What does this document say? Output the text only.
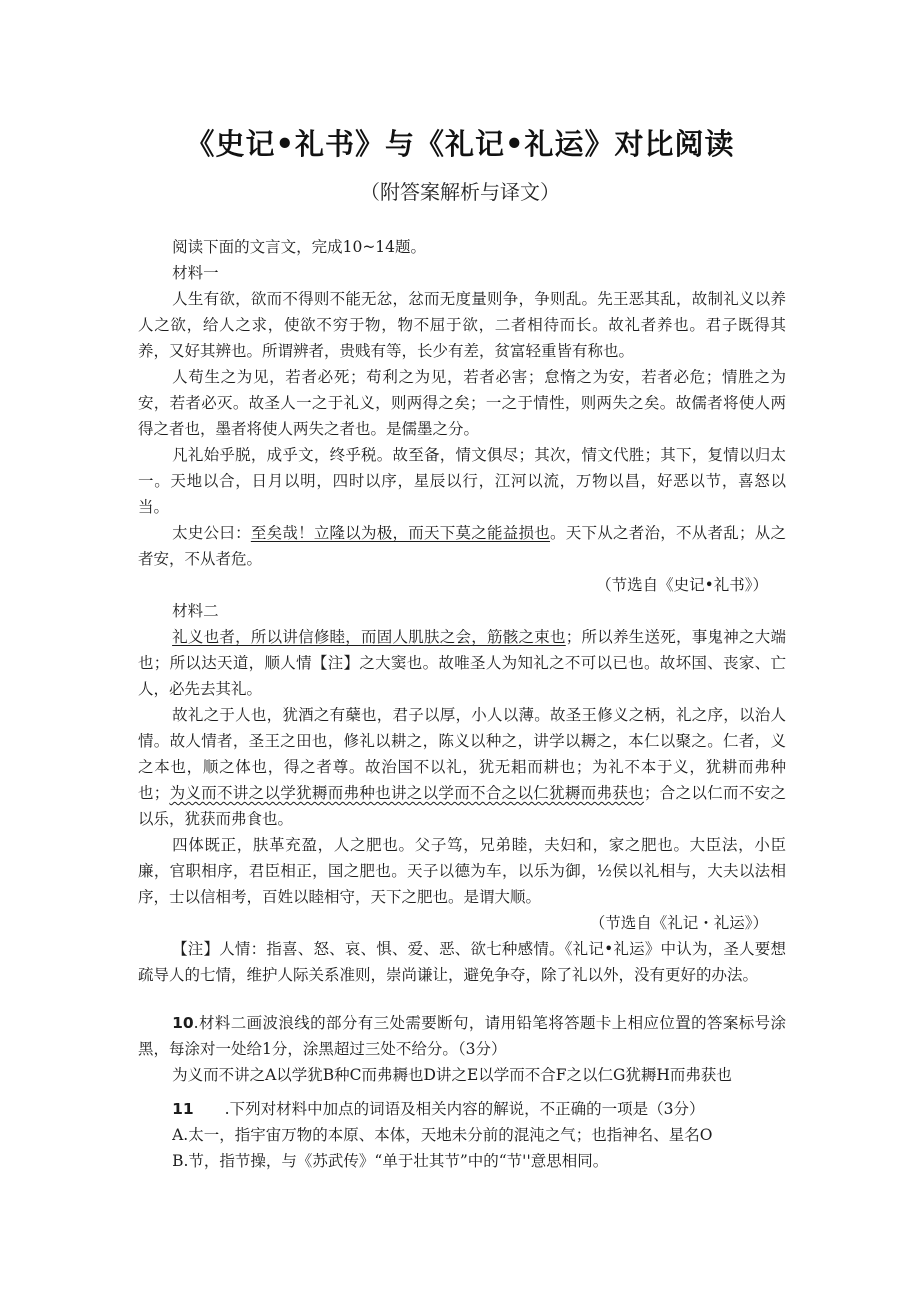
《史记•礼书》与《礼记•礼运》对比阅读
（附答案解析与译文）

阅读下面的文言文，完成10~14题。

材料一

人生有欲，欲而不得则不能无忿，忿而无度量则争，争则乱。先王恶其乱，故制礼义以养人之欲，给人之求，使欲不穷于物，物不屈于欲，二者相待而长。故礼者养也。君子既得其养，又好其辨也。所谓辨者，贵贱有等，长少有差，贫富轻重皆有称也。

人苟生之为见，若者必死；苟利之为见，若者必害；怠惰之为安，若者必危；情胜之为安，若者必灭。故圣人一之于礼义，则两得之矣；一之于情性，则两失之矣。故儒者将使人两得之者也，墨者将使人两失之者也。是儒墨之分。

凡礼始乎脱，成乎文，终乎税。故至备，情文俱尽；其次，情文代胜；其下，复情以归太一。天地以合，日月以明，四时以序，星辰以行，江河以流，万物以昌，好恶以节，喜怒以当。

太史公曰：至矣哉！立隆以为极，而天下莫之能益损也。天下从之者治，不从者乱；从之者安，不从者危。

（节选自《史记•礼书》）

材料二

礼义也者，所以讲信修睦，而固人肌肤之会，筋骸之束也；所以养生送死，事鬼神之大端也；所以达天道，顺人情【注】之大窦也。故唯圣人为知礼之不可以已也。故坏国、丧家、亡人，必先去其礼。

故礼之于人也，犹酒之有蘖也，君子以厚，小人以薄。故圣王修义之柄，礼之序，以治人情。故人情者，圣王之田也，修礼以耕之，陈义以种之，讲学以耨之，本仁以聚之。仁者，义之本也，顺之体也，得之者尊。故治国不以礼，犹无耜而耕也；为礼不本于义，犹耕而弗种也；为义而不讲之以学犹耨而弗种也讲之以学而不合之以仁犹耨而弗获也；合之以仁而不安之以乐，犹获而弗食也。

四体既正，肤革充盈，人之肥也。父子笃，兄弟睦，夫妇和，家之肥也。大臣法，小臣廉，官职相序，君臣相正，国之肥也。天子以德为车，以乐为御，½侯以礼相与，大夫以法相序，士以信相考，百姓以睦相守，天下之肥也。是谓大顺。

（节选自《礼记・礼运》）

【注】人情：指喜、怒、哀、惧、爱、恶、欲七种感情。《礼记•礼运》中认为，圣人要想疏导人的七情，维护人际关系准则，崇尚谦让，避免争夺，除了礼以外，没有更好的办法。

10.材料二画波浪线的部分有三处需要断句，请用铅笔将答题卡上相应位置的答案标号涂黑，每涂对一处给1分，涂黑超过三处不给分。（3分）

为义而不讲之A以学犹B种C而弗耨也D讲之E以学而不合F之以仁G犹耨H而弗获也

11 .下列对材料中加点的词语及相关内容的解说，不正确的一项是（3分）

A.太一，指宇宙万物的本原、本体，天地未分前的混沌之气；也指神名、星名O

B.节，指节操，与《苏武传》“单于壮其节”中的“节''意思相同。
